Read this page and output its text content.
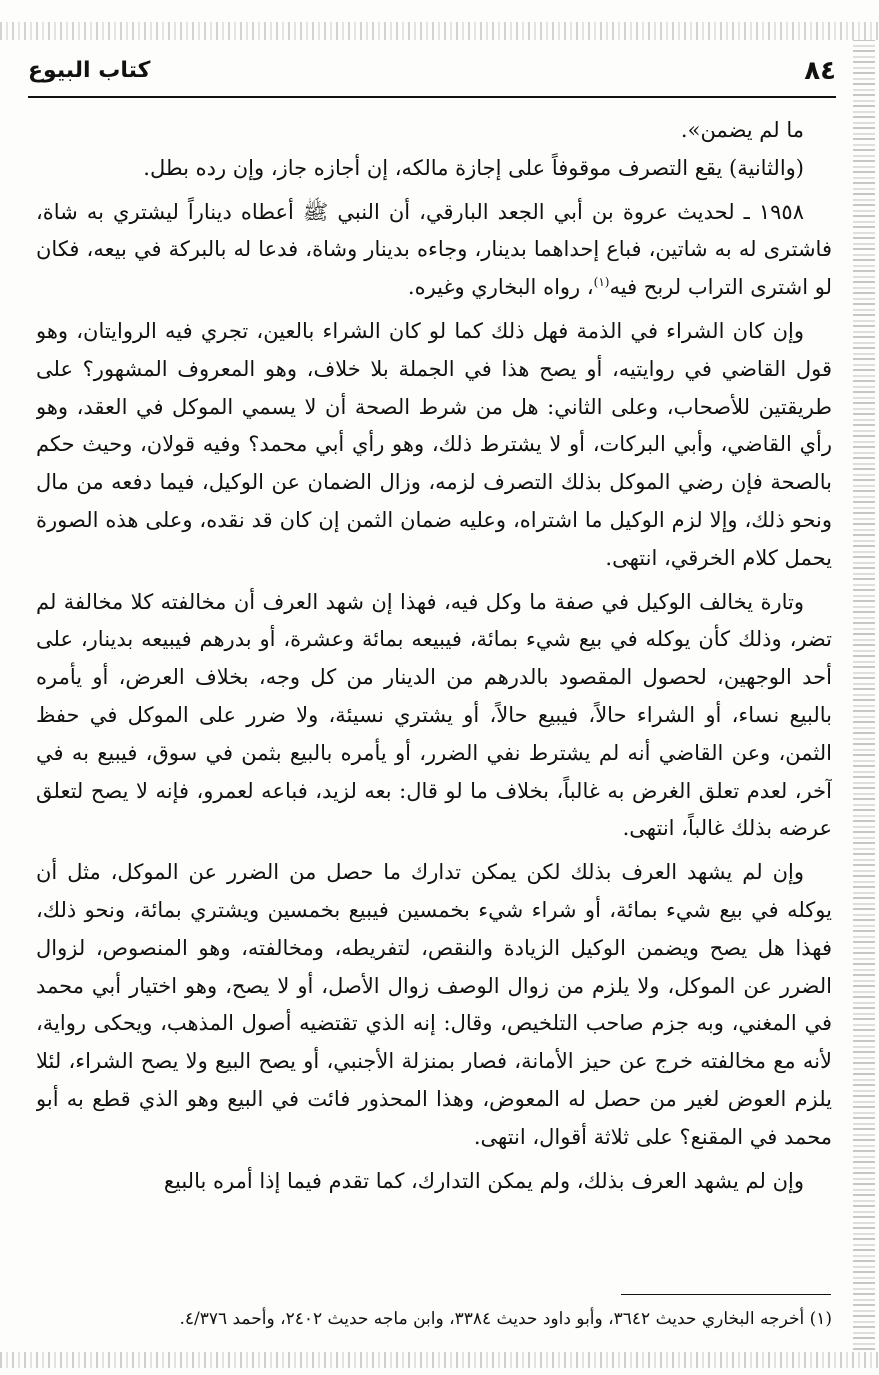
٨٤
كتاب البيوع

ما لم يضمن».

(والثانية) يقع التصرف موقوفاً على إجازة مالكه، إن أجازه جاز، وإن رده بطل.

١٩٥٨ ـ لحديث عروة بن أبي الجعد البارقي، أن النبي ﷺ أعطاه ديناراً ليشتري به شاة، فاشترى له به شاتين، فباع إحداهما بدينار، وجاءه بدينار وشاة، فدعا له بالبركة في بيعه، فكان لو اشترى التراب لربح فيه$^{(١)}$، رواه البخاري وغيره.

وإن كان الشراء في الذمة فهل ذلك كما لو كان الشراء بالعين، تجري فيه الروايتان، وهو قول القاضي في روايتيه، أو يصح هذا في الجملة بلا خلاف، وهو المعروف المشهور؟ على طريقتين للأصحاب، وعلى الثاني: هل من شرط الصحة أن لا يسمي الموكل في العقد، وهو رأي القاضي، وأبي البركات، أو لا يشترط ذلك، وهو رأي أبي محمد؟ وفيه قولان، وحيث حكم بالصحة فإن رضي الموكل بذلك التصرف لزمه، وزال الضمان عن الوكيل، فيما دفعه من مال ونحو ذلك، وإلا لزم الوكيل ما اشتراه، وعليه ضمان الثمن إن كان قد نقده، وعلى هذه الصورة يحمل كلام الخرقي، انتهى.

وتارة يخالف الوكيل في صفة ما وكل فيه، فهذا إن شهد العرف أن مخالفته كلا مخالفة لم تضر، وذلك كأن يوكله في بيع شيء بمائة، فيبيعه بمائة وعشرة، أو بدرهم فيبيعه بدينار، على أحد الوجهين، لحصول المقصود بالدرهم من الدينار من كل وجه، بخلاف العرض، أو يأمره بالبيع نساء، أو الشراء حالاً، فيبيع حالاً، أو يشتري نسيئة، ولا ضرر على الموكل في حفظ الثمن، وعن القاضي أنه لم يشترط نفي الضرر، أو يأمره بالبيع بثمن في سوق، فيبيع به في آخر، لعدم تعلق الغرض به غالباً، بخلاف ما لو قال: بعه لزيد، فباعه لعمرو، فإنه لا يصح لتعلق عرضه بذلك غالباً، انتهى.

وإن لم يشهد العرف بذلك لكن يمكن تدارك ما حصل من الضرر عن الموكل، مثل أن يوكله في بيع شيء بمائة، أو شراء شيء بخمسين فيبيع بخمسين ويشتري بمائة، ونحو ذلك، فهذا هل يصح ويضمن الوكيل الزيادة والنقص، لتفريطه، ومخالفته، وهو المنصوص، لزوال الضرر عن الموكل، ولا يلزم من زوال الوصف زوال الأصل، أو لا يصح، وهو اختيار أبي محمد في المغني، وبه جزم صاحب التلخيص، وقال: إنه الذي تقتضيه أصول المذهب، ويحكى رواية، لأنه مع مخالفته خرج عن حيز الأمانة، فصار بمنزلة الأجنبي، أو يصح البيع ولا يصح الشراء، لئلا يلزم العوض لغير من حصل له المعوض، وهذا المحذور فائت في البيع وهو الذي قطع به أبو محمد في المقنع؟ على ثلاثة أقوال، انتهى.

وإن لم يشهد العرف بذلك، ولم يمكن التدارك، كما تقدم فيما إذا أمره بالبيع

(١) أخرجه البخاري حديث ٣٦٤٢، وأبو داود حديث ٣٣٨٤، وابن ماجه حديث ٢٤٠٢، وأحمد ٤/٣٧٦.
